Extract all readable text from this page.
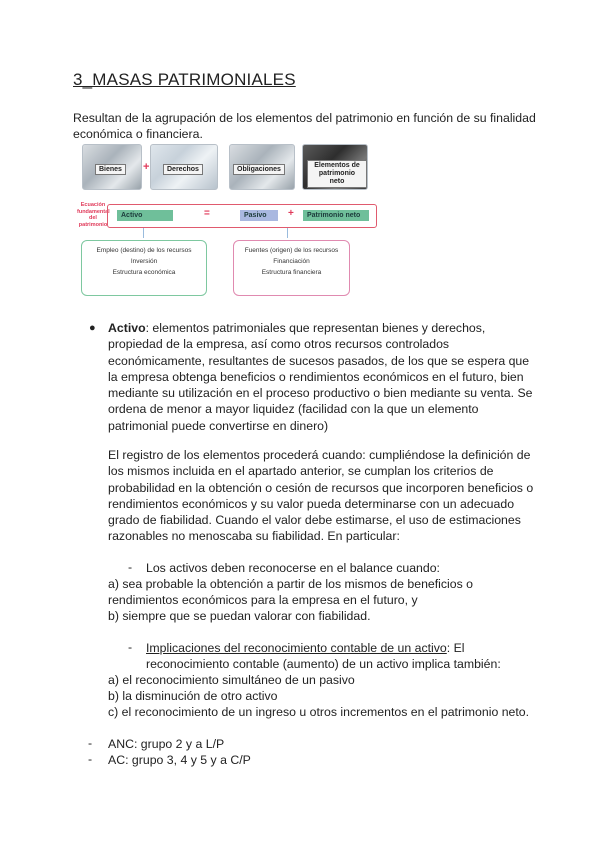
3_MASAS PATRIMONIALES

Resultan de la agrupación de los elementos del patrimonio en función de su finalidad económica o financiera.

Bienes	+	Derechos	Obligaciones
Elementos de patrimonio neto
Ecuación fundamental del patrimonio
Activo	=	Pasivo	+	Patrimonio neto
Empleo (destino) de los recursos
Inversión
Estructura económica
Fuentes (origen) de los recursos
Financiación
Estructura financiera
● Activo: elementos patrimoniales que representan bienes y derechos, propiedad de la empresa, así como otros recursos controlados económicamente, resultantes de sucesos pasados, de los que se espera que la empresa obtenga beneficios o rendimientos económicos en el futuro, bien mediante su utilización en el proceso productivo o bien mediante su venta. Se ordena de menor a mayor liquidez (facilidad con la que un elemento patrimonial puede convertirse en dinero)

El registro de los elementos procederá cuando: cumpliéndose la definición de los mismos incluida en el apartado anterior, se cumplan los criterios de probabilidad en la obtención o cesión de recursos que incorporen beneficios o rendimientos económicos y su valor pueda determinarse con un adecuado grado de fiabilidad. Cuando el valor debe estimarse, el uso de estimaciones razonables no menoscaba su fiabilidad. En particular:

- Los activos deben reconocerse en el balance cuando:

a) sea probable la obtención a partir de los mismos de beneficios o rendimientos económicos para la empresa en el futuro, y

b) siempre que se puedan valorar con fiabilidad.

- Implicaciones del reconocimiento contable de un activo: El reconocimiento contable (aumento) de un activo implica también:

a) el reconocimiento simultáneo de un pasivo

b) la disminución de otro activo

c) el reconocimiento de un ingreso u otros incrementos en el patrimonio neto.

- ANC: grupo 2 y a L/P

- AC: grupo 3, 4 y 5 y a C/P
